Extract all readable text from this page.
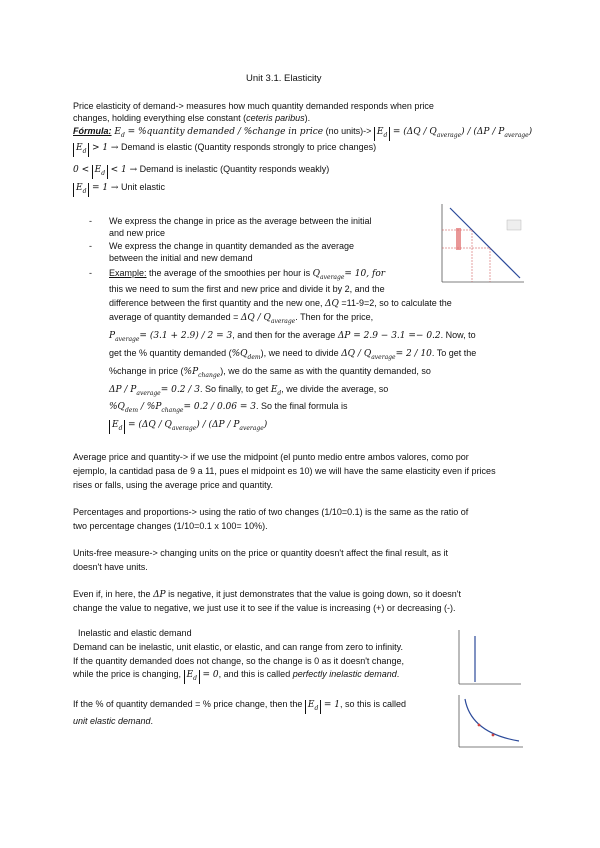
Unit 3.1. Elasticity
Price elasticity of demand-> measures how much quantity demanded responds when price
changes, holding everything else constant (ceteris paribus).
Fórmula: $E_d$ = %quantity demanded / %change in price (no units)-> $E_d = (\Delta Q / Q_{average}) / (\Delta P / P_{average})$
$E_d > 1$ → Demand is elastic (Quantity responds strongly to price changes)
$0 < E_d < 1$ → Demand is inelastic (Quantity responds weakly)
$E_d = 1$ → Unit elastic
- We express the change in price as the average between the initial
and new price
- We express the change in quantity demanded as the average
between the initial and new demand
- Example: the average of the smoothies per hour is $Q_{average}= 10$, for
this we need to sum the first and new price and divide it by 2, and the
difference between the first quantity and the new one, ΔQ =11-9=2, so to calculate the
average of quantity demanded = ΔQ / $Q_{average}$. Then for the price,
$P_{average}= (3.1 + 2.9) / 2 = 3$, and then for the average ΔP = 2.9 − 3.1 =− 0.2. Now, to
get the % quantity demanded $(\%Q_{dem})$, we need to divide $\Delta Q / Q_{average}= 2 / 10$. To get the
%change in price $(\%P_{change})$, we do the same as with the quantity demanded, so
$\Delta P / P_{average}= 0.2 / 3$. So finally, to get $E_d$, we divide the average, so
$\%Q_{dem} / \%P_{change}= 0.2 / 0.06 = 3$. So the final formula is
$E_d = (\Delta Q / Q_{average}) / (\Delta P / P_{average})$
Average price and quantity-> if we use the midpoint (el punto medio entre ambos valores, como por
ejemplo, la cantidad pasa de 9 a 11, pues el midpoint es 10) we will have the same elasticity even if prices
rises or falls, using the average price and quantity.
Percentages and proportions-> using the ratio of two changes (1/10=0.1) is the same as the ratio of
two percentage changes (1/10=0.1 x 100= 10%).
Units-free measure-> changing units on the price or quantity doesn't affect the final result, as it
doesn't have units.
Even if, in here, the ΔP is negative, it just demonstrates that the value is going down, so it doesn't
change the value to negative, we just use it to see if the value is increasing (+) or decreasing (-).
Inelastic and elastic demand
Demand can be inelastic, unit elastic, or elastic, and can range from zero to infinity.
If the quantity demanded does not change, so the change is 0 as it doesn't change,
while the price is changing, $E_d = 0$, and this is called perfectly inelastic demand.
If the % of quantity demanded = % price change, then the $E_d = 1$, so this is called
unit elastic demand.
